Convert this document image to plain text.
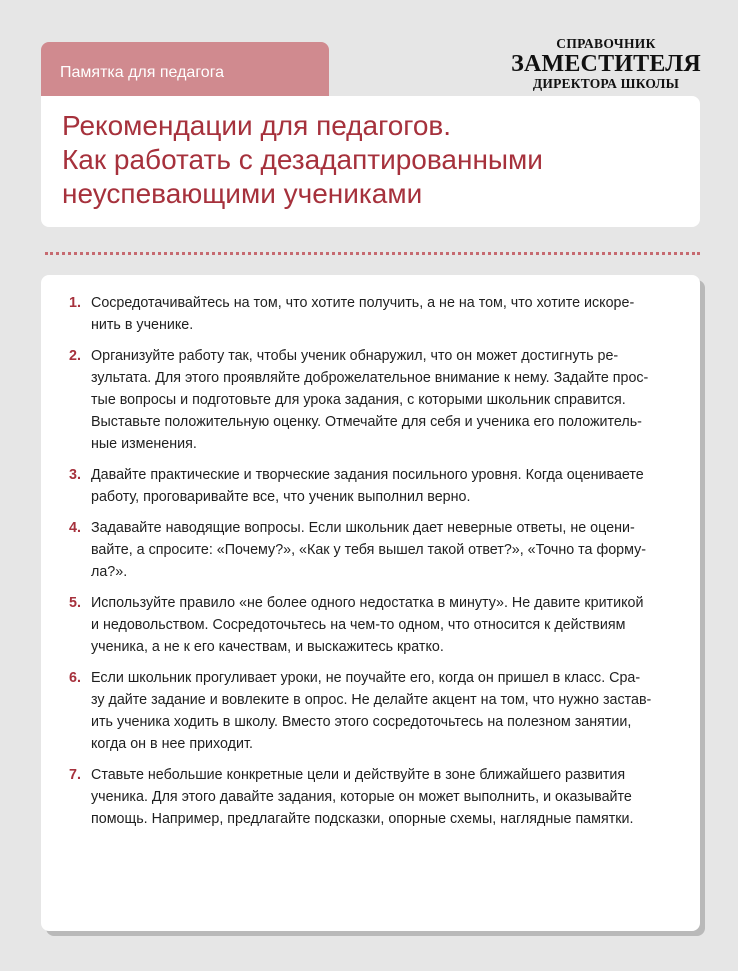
Памятка для педагога
СПРАВОЧНИК
ЗАМЕСТИТЕЛЯ
ДИРЕКТОРА ШКОЛЫ
Рекомендации для педагогов.
Как работать с дезадаптированными
неуспевающими учениками
1. Сосредотачивайтесь на том, что хотите получить, а не на том, что хотите искоре-
нить в ученике.
2. Организуйте работу так, чтобы ученик обнаружил, что он может достигнуть ре-
зультата. Для этого проявляйте доброжелательное внимание к нему. Задайте прос-
тые вопросы и подготовьте для урока задания, с которыми школьник справится.
Выставьте положительную оценку. Отмечайте для себя и ученика его положитель-
ные изменения.
3. Давайте практические и творческие задания посильного уровня. Когда оцениваете
работу, проговаривайте все, что ученик выполнил верно.
4. Задавайте наводящие вопросы. Если школьник дает неверные ответы, не оцени-
вайте, а спросите: «Почему?», «Как у тебя вышел такой ответ?», «Точно та форму-
ла?».
5. Используйте правило «не более одного недостатка в минуту». Не давите критикой
и недовольством. Сосредоточьтесь на чем-то одном, что относится к действиям
ученика, а не к его качествам, и выскажитесь кратко.
6. Если школьник прогуливает уроки, не поучайте его, когда он пришел в класс. Сра-
зу дайте задание и вовлеките в опрос. Не делайте акцент на том, что нужно застав-
ить ученика ходить в школу. Вместо этого сосредоточьтесь на полезном занятии,
когда он в нее приходит.
7. Ставьте небольшие конкретные цели и действуйте в зоне ближайшего развития
ученика. Для этого давайте задания, которые он может выполнить, и оказывайте
помощь. Например, предлагайте подсказки, опорные схемы, наглядные памятки.
